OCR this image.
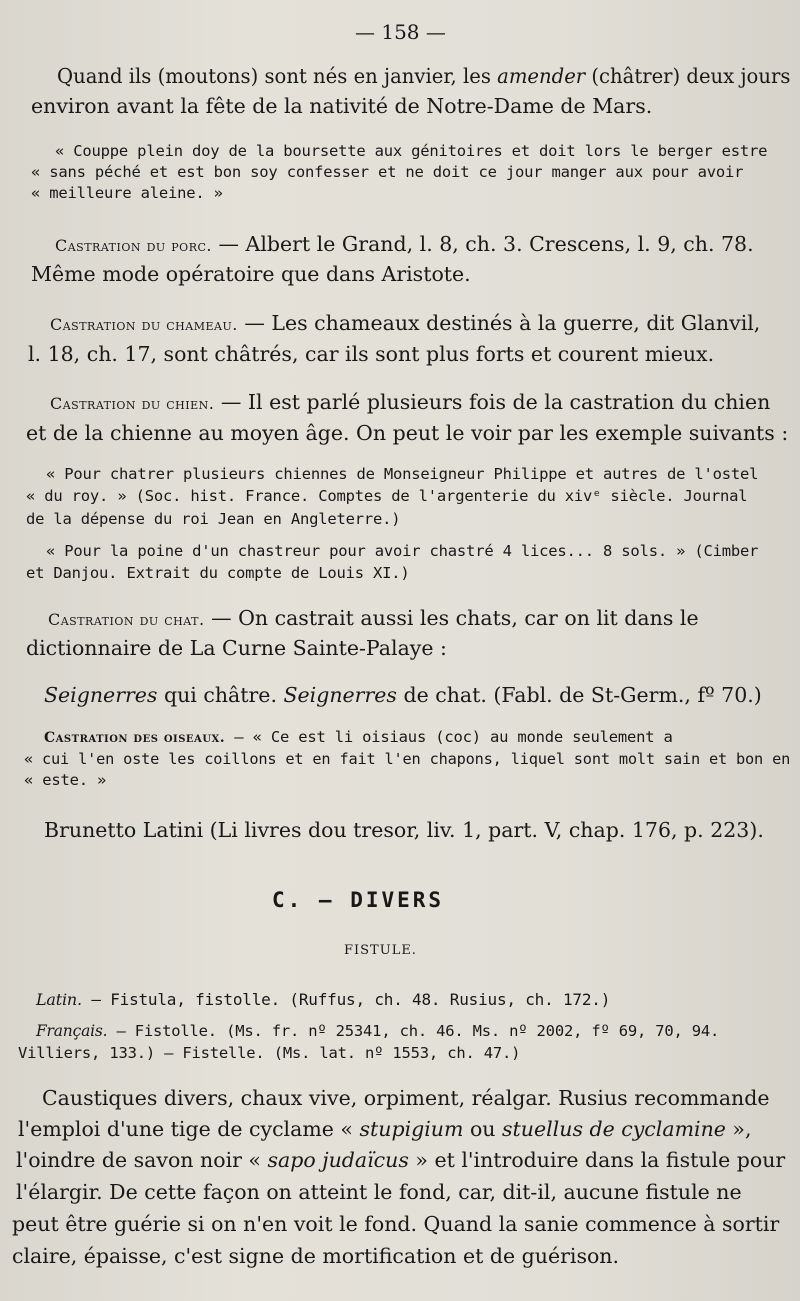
— 158 —
Quand ils (moutons) sont nés en janvier, les amender (châtrer) deux jours
environ avant la fête de la nativité de Notre-Dame de Mars.
« Couppe plein doy de la boursette aux génitoires et doit lors le berger estre
« sans péché et est bon soy confesser et ne doit ce jour manger aux pour avoir
« meilleure aleine. »
Castration du porc. — Albert le Grand, l. 8, ch. 3. Crescens, l. 9, ch. 78.
Même mode opératoire que dans Aristote.
Castration du chameau. — Les chameaux destinés à la guerre, dit Glanvil,
l. 18, ch. 17, sont châtrés, car ils sont plus forts et courent mieux.
Castration du chien. — Il est parlé plusieurs fois de la castration du chien
et de la chienne au moyen âge. On peut le voir par les exemple suivants :
« Pour chatrer plusieurs chiennes de Monseigneur Philippe et autres de l'ostel
« du roy. » (Soc. hist. France. Comptes de l'argenterie du xivᵉ siècle. Journal
de la dépense du roi Jean en Angleterre.)
« Pour la poine d'un chastreur pour avoir chastré 4 lices... 8 sols. » (Cimber
et Danjou. Extrait du compte de Louis XI.)
Castration du chat. — On castrait aussi les chats, car on lit dans le
dictionnaire de La Curne Sainte-Palaye :
Seignerres qui châtre. Seignerres de chat. (Fabl. de St-Germ., fº 70.)
Castration des oiseaux. — « Ce est li oisiaus (coc) au monde seulement a
« cui l'en oste les coillons et en fait l'en chapons, liquel sont molt sain et bon en
« este. »
Brunetto Latini (Li livres dou tresor, liv. 1, part. V, chap. 176, p. 223).
C. — DIVERS
FISTULE.
Latin. — Fistula, fistolle. (Ruffus, ch. 48. Rusius, ch. 172.)
Français. — Fistolle. (Ms. fr. nº 25341, ch. 46. Ms. nº 2002, fº 69, 70, 94.
Villiers, 133.) — Fistelle. (Ms. lat. nº 1553, ch. 47.)
Caustiques divers, chaux vive, orpiment, réalgar. Rusius recommande
l'emploi d'une tige de cyclame « stupigium ou stuellus de cyclamine »,
l'oindre de savon noir « sapo judaïcus » et l'introduire dans la fistule pour
l'élargir. De cette façon on atteint le fond, car, dit-il, aucune fistule ne
peut être guérie si on n'en voit le fond. Quand la sanie commence à sortir
claire, épaisse, c'est signe de mortification et de guérison.
